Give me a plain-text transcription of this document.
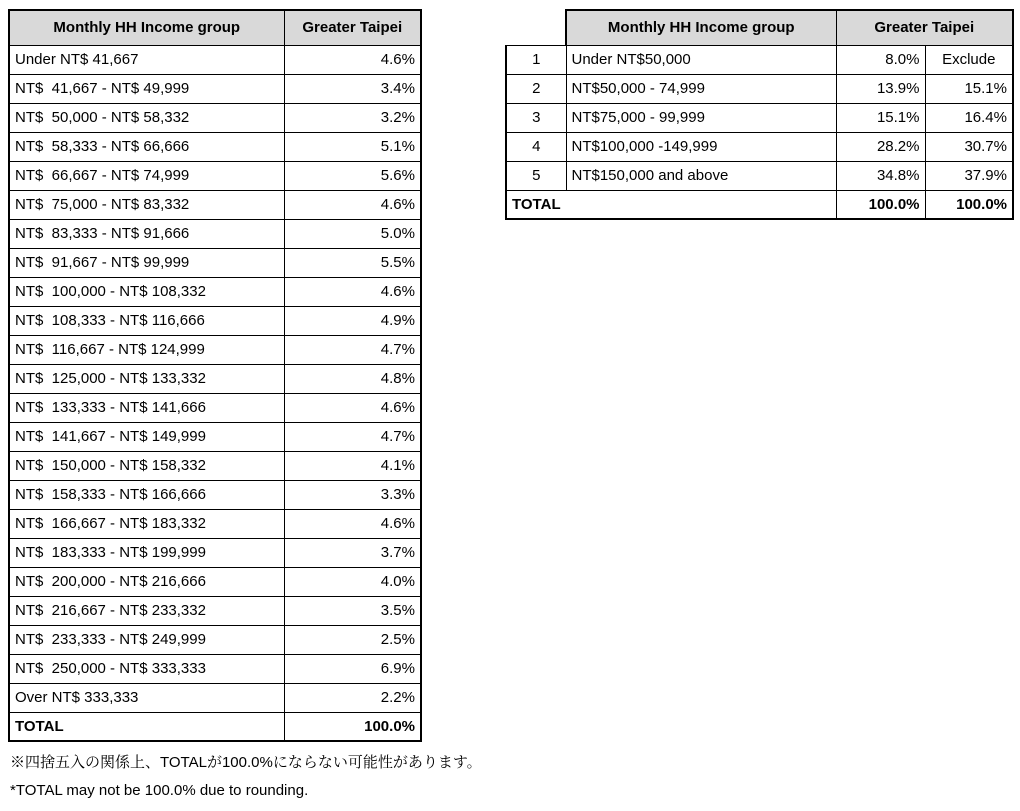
Monthly HH Income group	Greater Taipei
Under NT$ 41,667	4.6%
NT$  41,667 - NT$ 49,999	3.4%
NT$  50,000 - NT$ 58,332	3.2%
NT$  58,333 - NT$ 66,666	5.1%
NT$  66,667 - NT$ 74,999	5.6%
NT$  75,000 - NT$ 83,332	4.6%
NT$  83,333 - NT$ 91,666	5.0%
NT$  91,667 - NT$ 99,999	5.5%
NT$  100,000 - NT$ 108,332	4.6%
NT$  108,333 - NT$ 116,666	4.9%
NT$  116,667 - NT$ 124,999	4.7%
NT$  125,000 - NT$ 133,332	4.8%
NT$  133,333 - NT$ 141,666	4.6%
NT$  141,667 - NT$ 149,999	4.7%
NT$  150,000 - NT$ 158,332	4.1%
NT$  158,333 - NT$ 166,666	3.3%
NT$  166,667 - NT$ 183,332	4.6%
NT$  183,333 - NT$ 199,999	3.7%
NT$  200,000 - NT$ 216,666	4.0%
NT$  216,667 - NT$ 233,332	3.5%
NT$  233,333 - NT$ 249,999	2.5%
NT$  250,000 - NT$ 333,333	6.9%
Over NT$ 333,333	2.2%
TOTAL	100.0%
	Monthly HH Income group	Greater Taipei	
1	Under NT$50,000	8.0%	Exclude
2	NT$50,000 - 74,999	13.9%	15.1%
3	NT$75,000 - 99,999	15.1%	16.4%
4	NT$100,000 -149,999	28.2%	30.7%
5	NT$150,000 and above	34.8%	37.9%
TOTAL		100.0%	100.0%
※四捨五入の関係上、TOTALが100.0%にならない可能性があります。
*TOTAL may not be 100.0% due to rounding.
